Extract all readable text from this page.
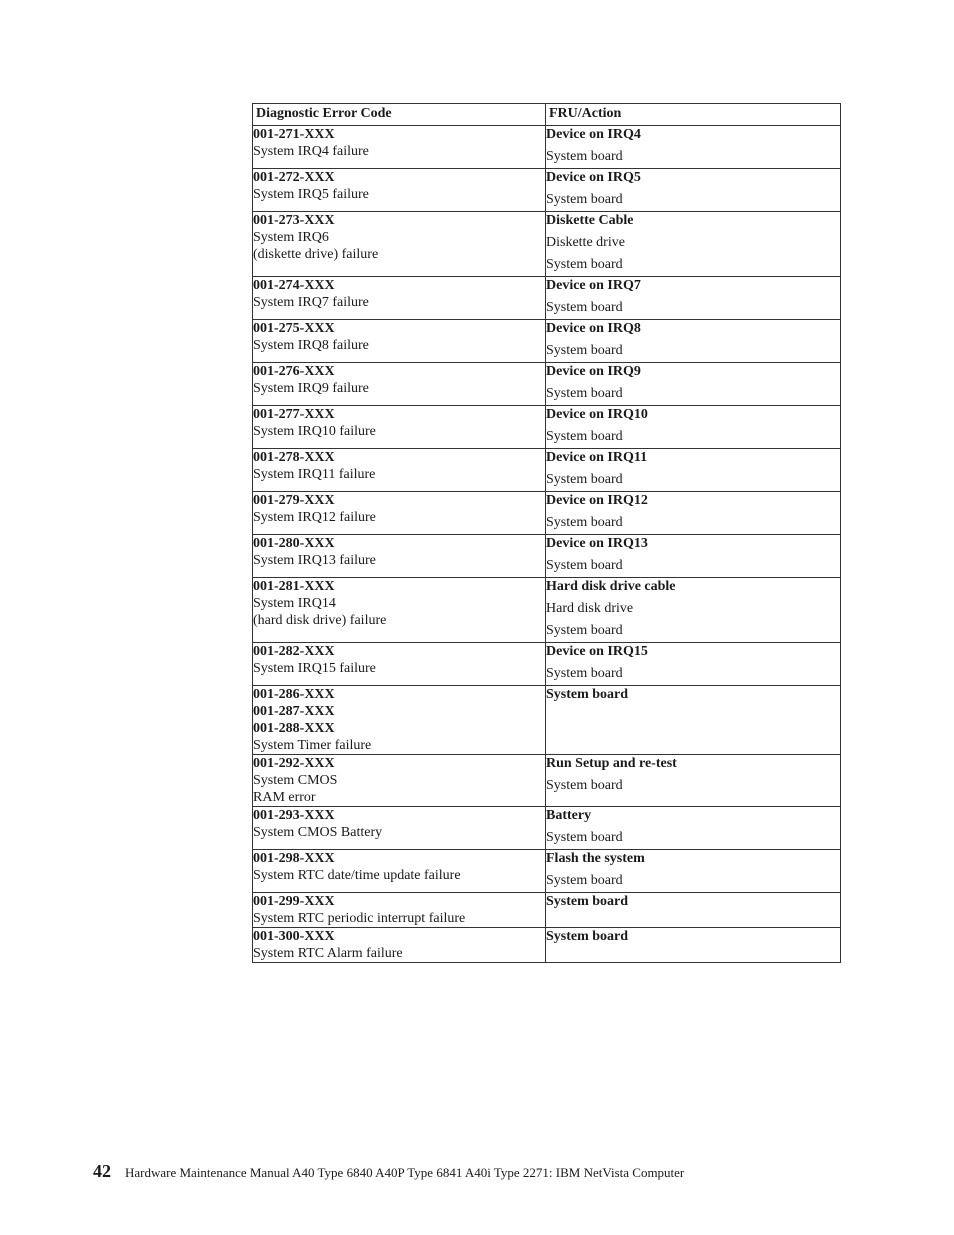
Diagnostic Error Code	FRU/Action

001-271-XXX
System IRQ4 failure	Device on IRQ4
System board

001-272-XXX
System IRQ5 failure	Device on IRQ5
System board

001-273-XXX
System IRQ6
(diskette drive) failure	Diskette Cable
Diskette drive
System board

001-274-XXX
System IRQ7 failure	Device on IRQ7
System board

001-275-XXX
System IRQ8 failure	Device on IRQ8
System board

001-276-XXX
System IRQ9 failure	Device on IRQ9
System board

001-277-XXX
System IRQ10 failure	Device on IRQ10
System board

001-278-XXX
System IRQ11 failure	Device on IRQ11
System board

001-279-XXX
System IRQ12 failure	Device on IRQ12
System board

001-280-XXX
System IRQ13 failure	Device on IRQ13
System board

001-281-XXX
System IRQ14
(hard disk drive) failure	Hard disk drive cable
Hard disk drive
System board

001-282-XXX
System IRQ15 failure	Device on IRQ15
System board

001-286-XXX
001-287-XXX
001-288-XXX
System Timer failure	System board

001-292-XXX
System CMOS
RAM error	Run Setup and re-test
System board

001-293-XXX
System CMOS Battery	Battery
System board

001-298-XXX
System RTC date/time update failure	Flash the system
System board

001-299-XXX
System RTC periodic interrupt failure	System board

001-300-XXX
System RTC Alarm failure	System board
42 Hardware Maintenance Manual A40 Type 6840 A40P Type 6841 A40i Type 2271: IBM NetVista Computer
